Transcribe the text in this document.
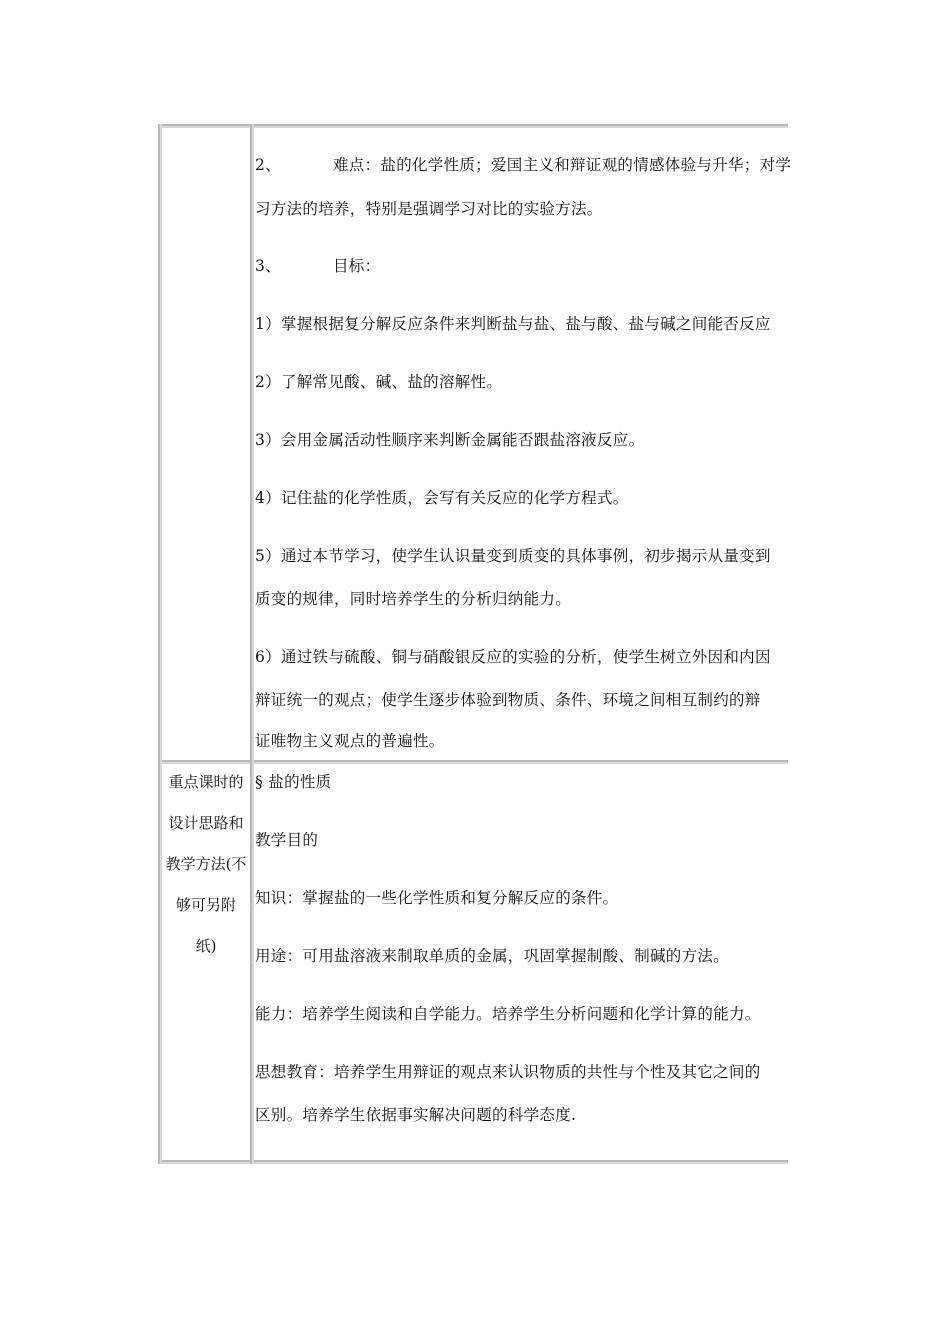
2、	难点：盐的化学性质；爱国主义和辩证观的情感体验与升华；对学
习方法的培养，特别是强调学习对比的实验方法。
3、	目标：
1）掌握根据复分解反应条件来判断盐与盐、盐与酸、盐与碱之间能否反应
2）了解常见酸、碱、盐的溶解性。
3）会用金属活动性顺序来判断金属能否跟盐溶液反应。
4）记住盐的化学性质，会写有关反应的化学方程式。
5）通过本节学习，使学生认识量变到质变的具体事例，初步揭示从量变到
质变的规律，同时培养学生的分析归纳能力。
6）通过铁与硫酸、铜与硝酸银反应的实验的分析，使学生树立外因和内因
辩证统一的观点；使学生逐步体验到物质、条件、环境之间相互制约的辩
证唯物主义观点的普遍性。
重点课时的
设计思路和
教学方法(不
够可另附
纸)
§ 盐的性质
教学目的
知识：掌握盐的一些化学性质和复分解反应的条件。
用途：可用盐溶液来制取单质的金属，巩固掌握制酸、制碱的方法。
能力：培养学生阅读和自学能力。培养学生分析问题和化学计算的能力。
思想教育：培养学生用辩证的观点来认识物质的共性与个性及其它之间的
区别。培养学生依据事实解决问题的科学态度.
